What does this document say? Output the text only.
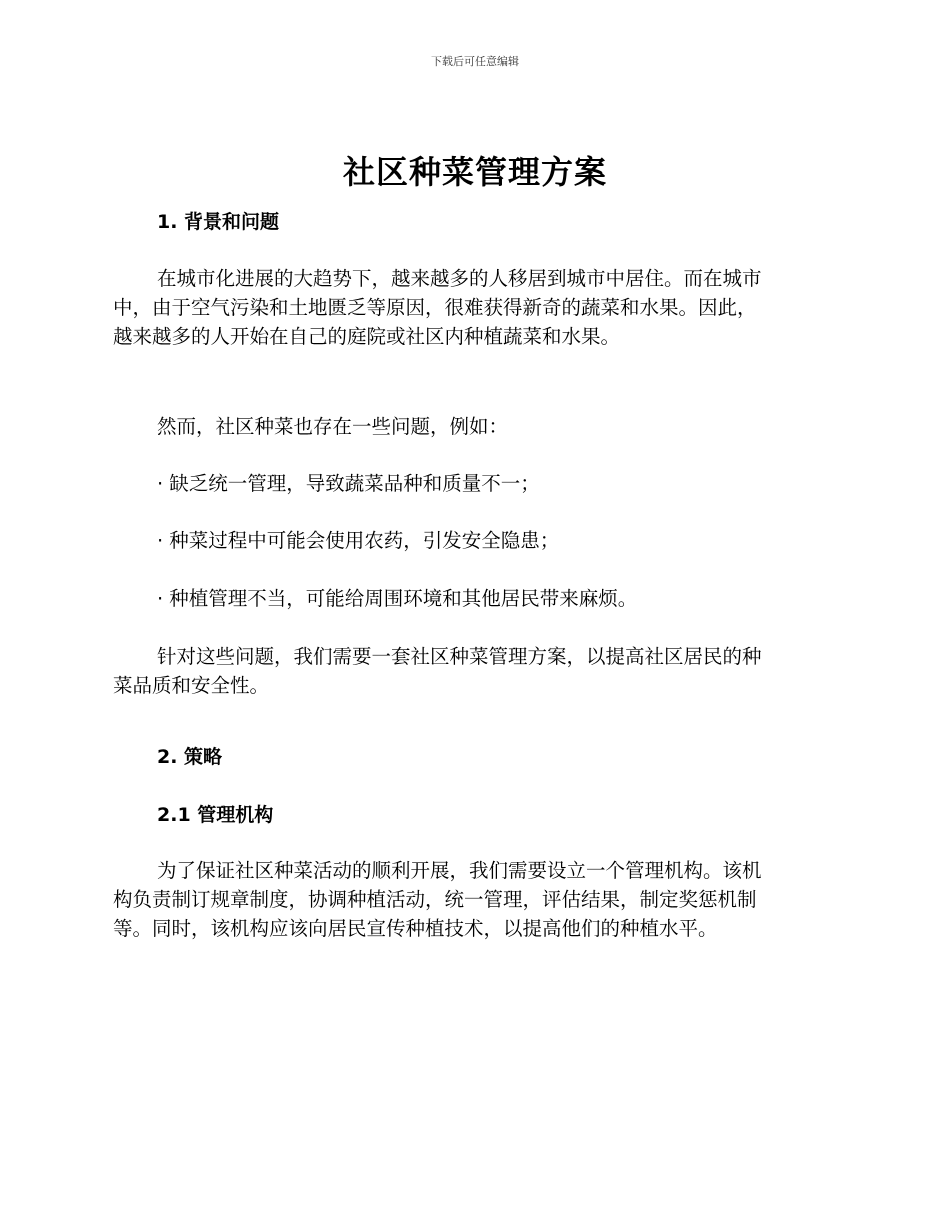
下载后可任意编辑
社区种菜管理方案
1. 背景和问题
在城市化进展的大趋势下，越来越多的人移居到城市中居住。而在城市
中，由于空气污染和土地匮乏等原因，很难获得新奇的蔬菜和水果。因此，
越来越多的人开始在自己的庭院或社区内种植蔬菜和水果。
然而，社区种菜也存在一些问题，例如：
· 缺乏统一管理，导致蔬菜品种和质量不一；
· 种菜过程中可能会使用农药，引发安全隐患；
· 种植管理不当，可能给周围环境和其他居民带来麻烦。
针对这些问题，我们需要一套社区种菜管理方案，以提高社区居民的种
菜品质和安全性。
2. 策略
2.1 管理机构
为了保证社区种菜活动的顺利开展，我们需要设立一个管理机构。该机
构负责制订规章制度，协调种植活动，统一管理，评估结果，制定奖惩机制
等。同时，该机构应该向居民宣传种植技术，以提高他们的种植水平。
